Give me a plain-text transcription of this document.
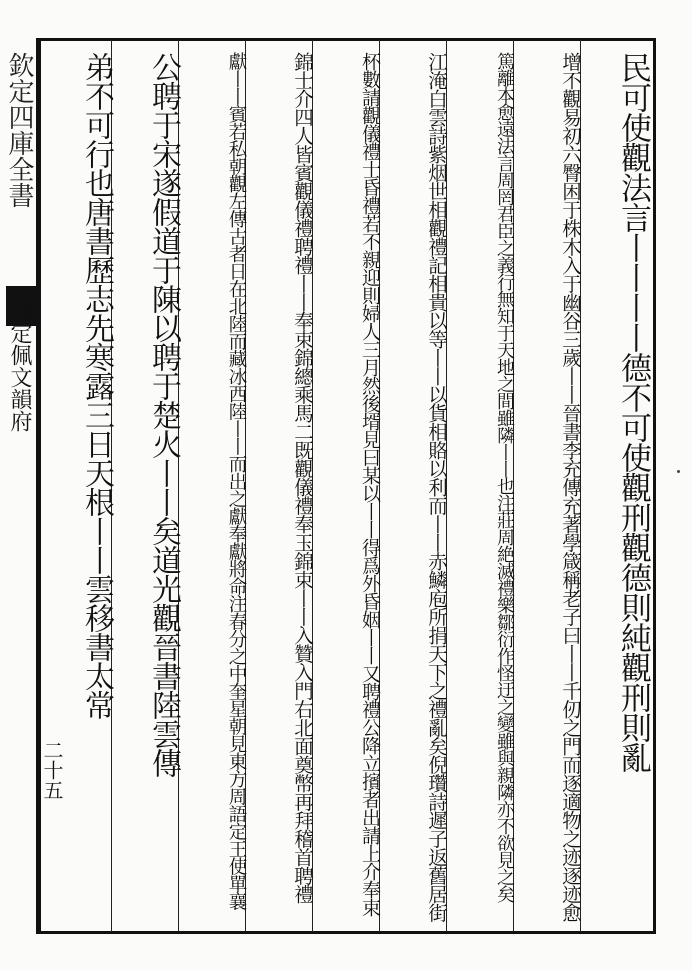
欽定四庫全書
御定佩文韻府
二十五	民可使觀法言丨丨丨丨德不可使觀刑觀德則純觀刑則亂
增不觀易初六臀困于株木入于幽谷三歲丨丨晉書李充傳充著學箴稱老子曰丨丨千仞之門而逐適物之迹逐迹愈
篤離本愈遠法言周罔君臣之義行無知于天地之間雖隣丨丨也注莊周絶滅禮樂鄒衍作怪迂之變雖與親隣亦不欲見之矣
江淹白雲詩紫烟世相觀禮記相貴以等丨丨以貨相賂以利而丨丨赤鱗庖所捐天下之禮亂矣倪瓚詩遲子返舊居街
杯數請觀儀禮士昏禮若不親迎則婦人三月然後壻見曰某以丨丨得爲外昏姻丨丨又聘禮公降立擯者出請上介奉束
錦士介四人皆賓觀儀禮聘禮丨丨奉束錦總乘馬二既觀儀禮奉玉錦束丨丨入贊入門右北面奠幣再拜稽首聘禮
獻丨丨賓若私朝觀左傳古者日在北陸而藏冰西陸丨丨而出之獻奉獻將命注春分之中奎星朝見東方周語定王使單襄
公聘于宋遂假道于陳以聘于楚火丨丨矣道光觀晉書陸雲傳
弟不可行也唐書歷志先寒露三日天根丨丨雲移書太常
